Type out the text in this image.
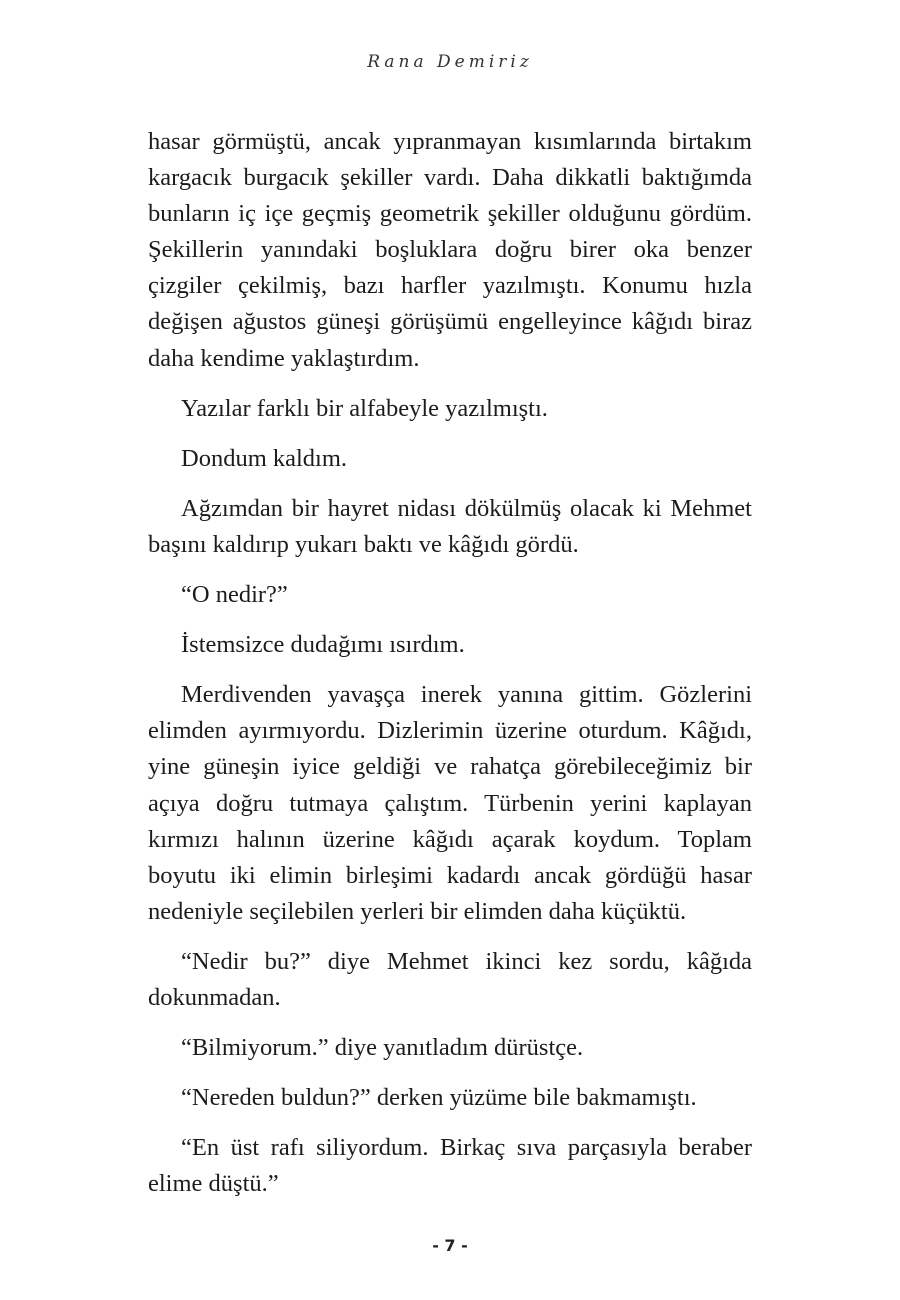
Rana Demiriz

hasar görmüştü, ancak yıpranmayan kısımlarında birtakım kargacık burgacık şekiller vardı. Daha dikkatli baktığımda bunların iç içe geçmiş geometrik şekiller olduğunu gördüm. Şekillerin yanındaki boşluklara doğru birer oka benzer çizgiler çekilmiş, bazı harfler yazılmıştı. Konumu hızla değişen ağustos güneşi görüşümü engelleyince kâğıdı biraz daha kendime yaklaştırdım.

Yazılar farklı bir alfabeyle yazılmıştı.

Dondum kaldım.

Ağzımdan bir hayret nidası dökülmüş olacak ki Mehmet başını kaldırıp yukarı baktı ve kâğıdı gördü.

“O nedir?”

İstemsizce dudağımı ısırdım.

Merdivenden yavaşça inerek yanına gittim. Gözlerini elimden ayırmıyordu. Dizlerimin üzerine oturdum. Kâğıdı, yine güneşin iyice geldiği ve rahatça görebileceğimiz bir açıya doğru tutmaya çalıştım. Türbenin yerini kaplayan kırmızı halının üzerine kâğıdı açarak koydum. Toplam boyutu iki elimin birleşimi kadardı ancak gördüğü hasar nedeniyle seçilebilen yerleri bir elimden daha küçüktü.

“Nedir bu?” diye Mehmet ikinci kez sordu, kâğıda dokunmadan.

“Bilmiyorum.” diye yanıtladım dürüstçe.

“Nereden buldun?” derken yüzüme bile bakmamıştı.

“En üst rafı siliyordum. Birkaç sıva parçasıyla beraber elime düştü.”

- 7 -
